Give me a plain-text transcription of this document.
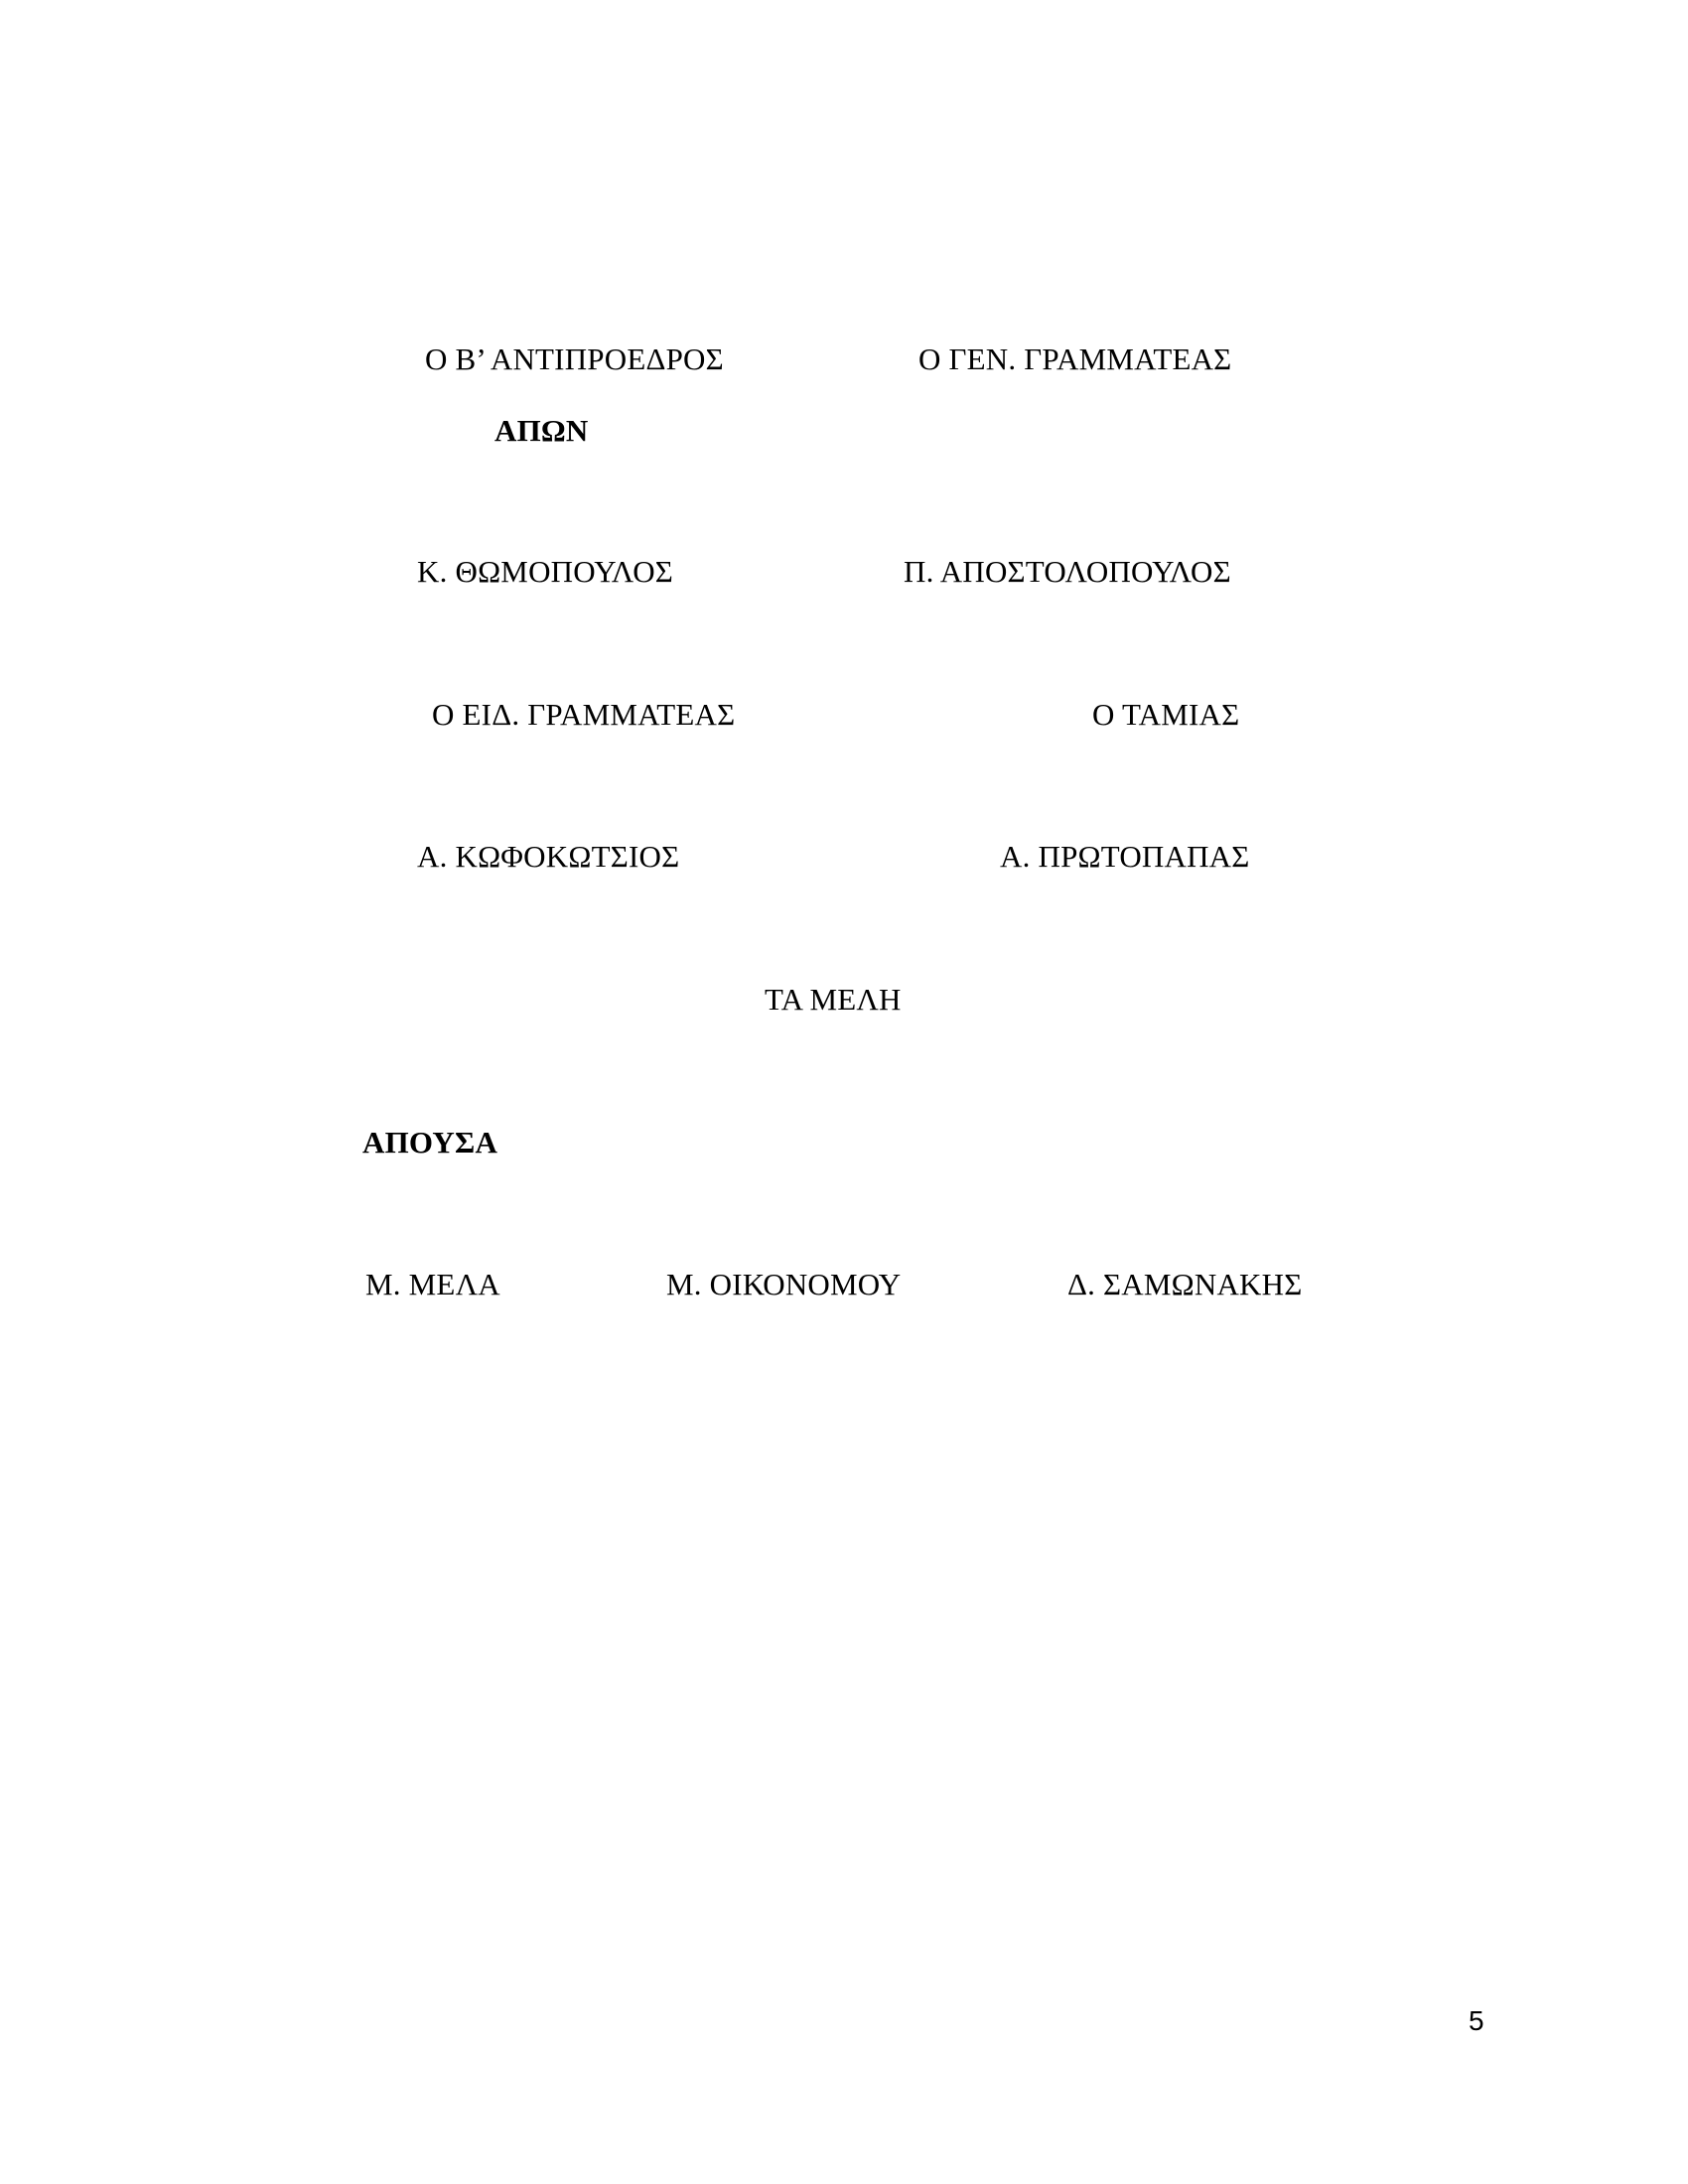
Ο Β’ ΑΝΤΙΠΡΟΕΔΡΟΣ	Ο ΓΕΝ. ΓΡΑΜΜΑΤΕΑΣ
ΑΠΩΝ
Κ. ΘΩΜΟΠΟΥΛΟΣ	Π. ΑΠΟΣΤΟΛΟΠΟΥΛΟΣ
Ο ΕΙΔ. ΓΡΑΜΜΑΤΕΑΣ	Ο ΤΑΜΙΑΣ
Α. ΚΩΦΟΚΩΤΣΙΟΣ	Α. ΠΡΩΤΟΠΑΠΑΣ
ΤΑ ΜΕΛΗ
ΑΠΟΥΣΑ
Μ. ΜΕΛΑ	Μ. ΟΙΚΟΝΟΜΟΥ	Δ. ΣΑΜΩΝΑΚΗΣ
5
